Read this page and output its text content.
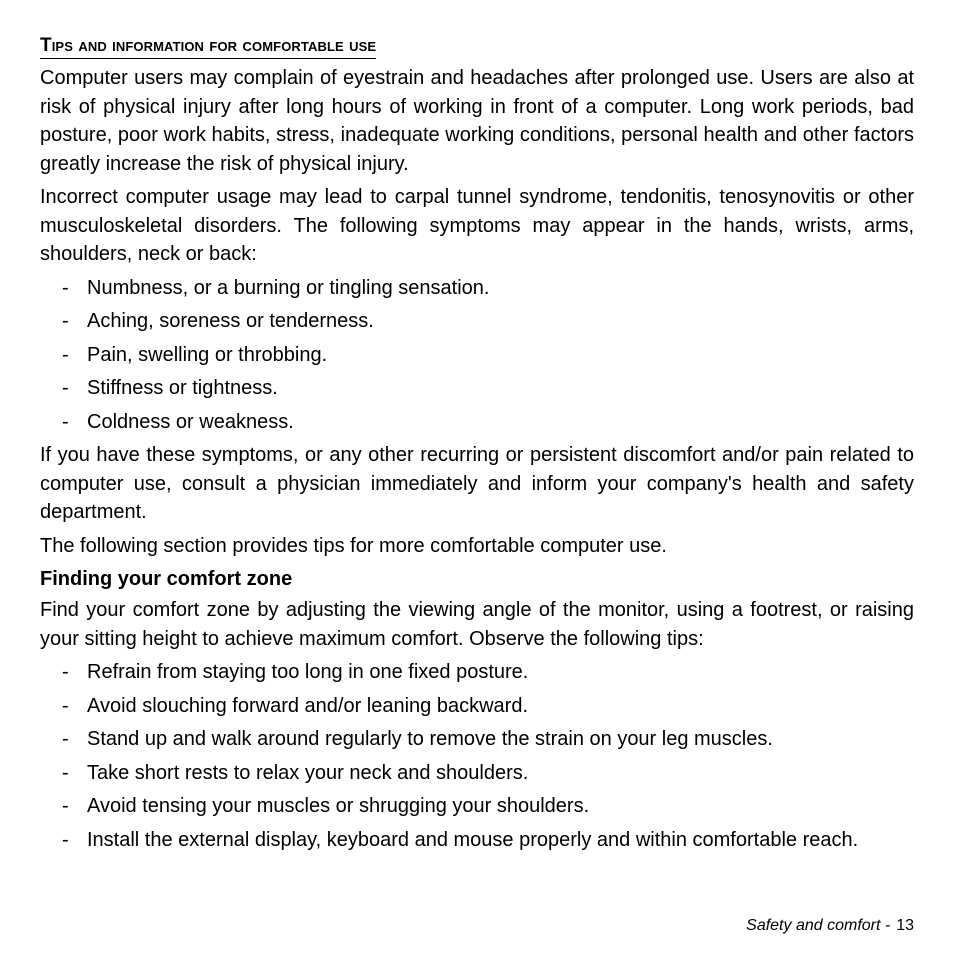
Tips and information for comfortable use

Computer users may complain of eyestrain and headaches after prolonged use. Users are also at risk of physical injury after long hours of working in front of a computer. Long work periods, bad posture, poor work habits, stress, inadequate working conditions, personal health and other factors greatly increase the risk of physical injury.

Incorrect computer usage may lead to carpal tunnel syndrome, tendonitis, tenosynovitis or other musculoskeletal disorders. The following symptoms may appear in the hands, wrists, arms, shoulders, neck or back:

- Numbness, or a burning or tingling sensation.
- Aching, soreness or tenderness.
- Pain, swelling or throbbing.
- Stiffness or tightness.
- Coldness or weakness.

If you have these symptoms, or any other recurring or persistent discomfort and/or pain related to computer use, consult a physician immediately and inform your company's health and safety department.

The following section provides tips for more comfortable computer use.

Finding your comfort zone

Find your comfort zone by adjusting the viewing angle of the monitor, using a footrest, or raising your sitting height to achieve maximum comfort. Observe the following tips:

- Refrain from staying too long in one fixed posture.
- Avoid slouching forward and/or leaning backward.
- Stand up and walk around regularly to remove the strain on your leg muscles.
- Take short rests to relax your neck and shoulders.
- Avoid tensing your muscles or shrugging your shoulders.
- Install the external display, keyboard and mouse properly and within comfortable reach.
Safety and comfort - 13
